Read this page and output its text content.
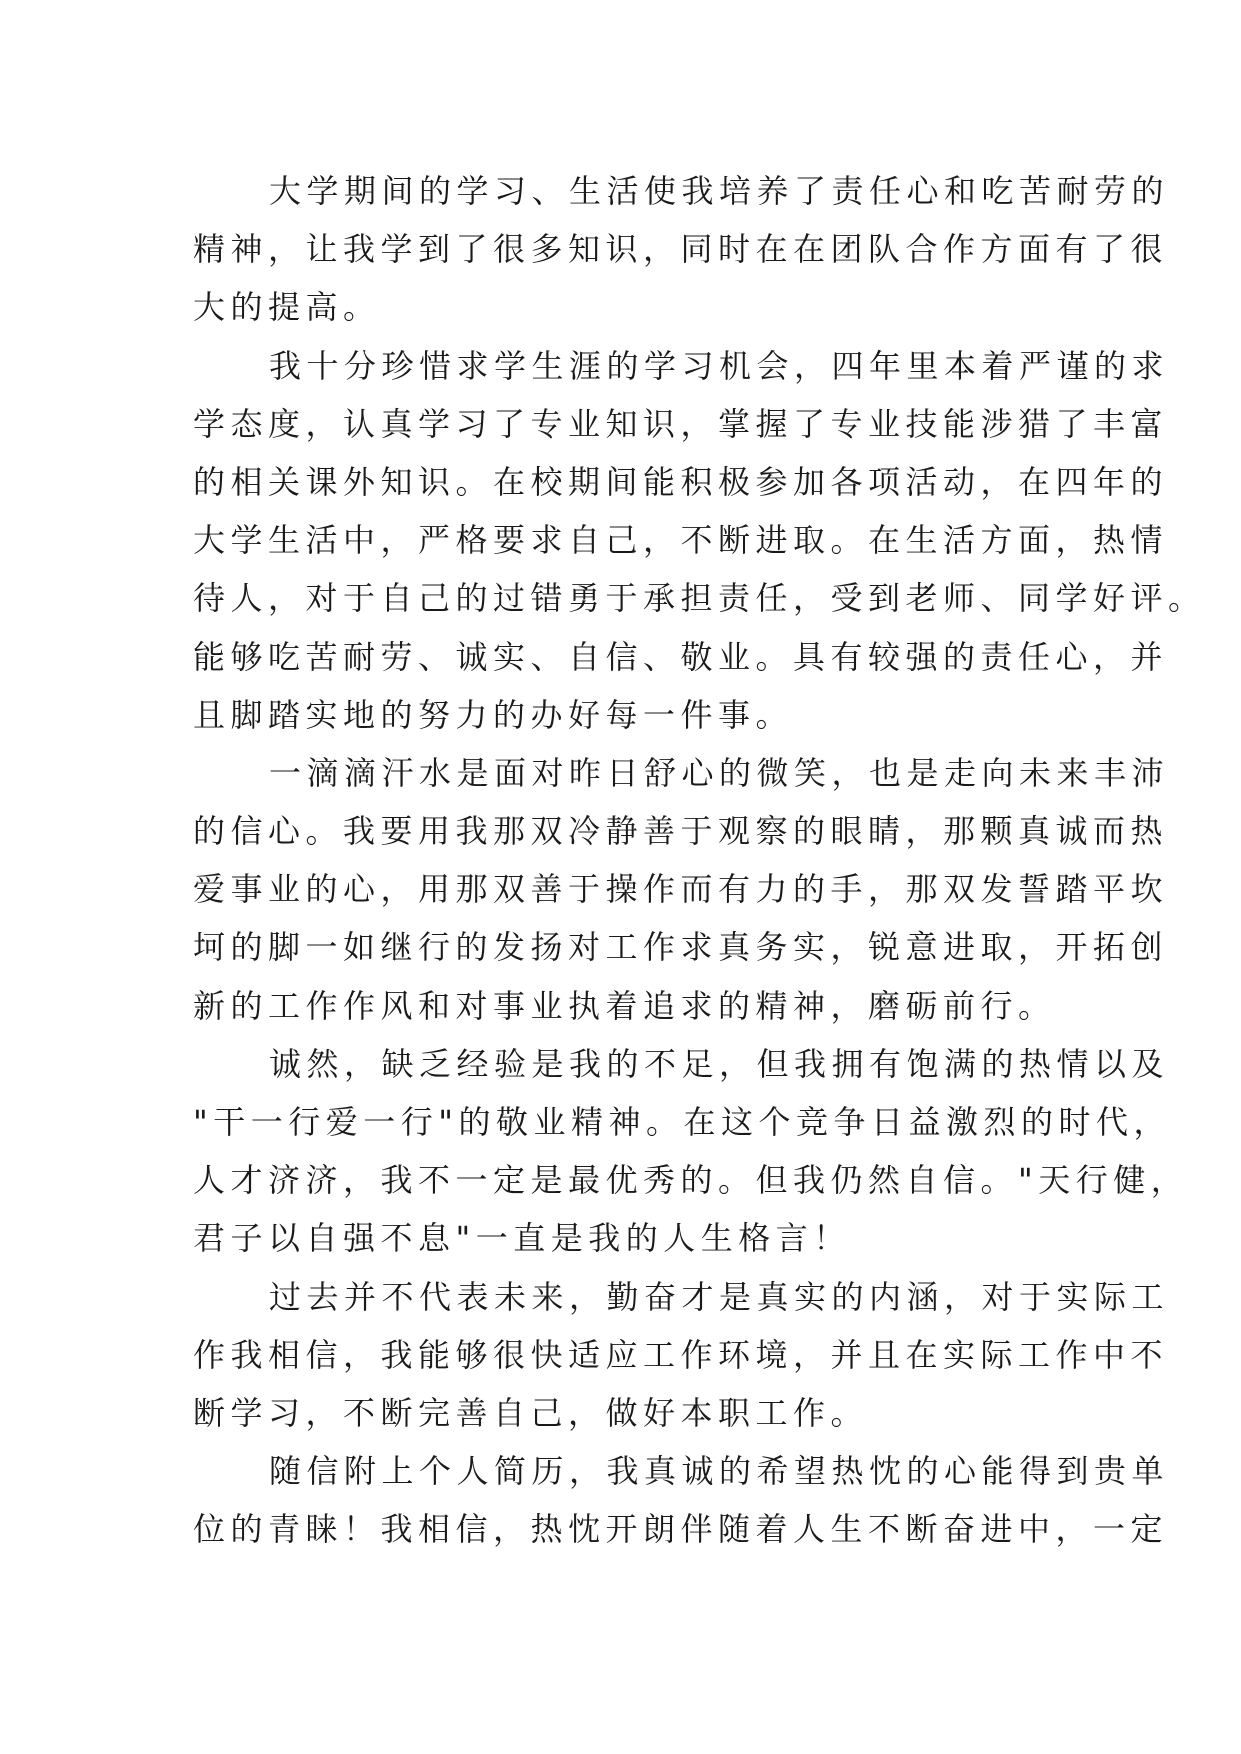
大学期间的学习、生活使我培养了责任心和吃苦耐劳的
精神，让我学到了很多知识，同时在在团队合作方面有了很
大的提高。
我十分珍惜求学生涯的学习机会，四年里本着严谨的求
学态度，认真学习了专业知识，掌握了专业技能涉猎了丰富
的相关课外知识。在校期间能积极参加各项活动，在四年的
大学生活中，严格要求自己，不断进取。在生活方面，热情
待人，对于自己的过错勇于承担责任，受到老师、同学好评。
能够吃苦耐劳、诚实、自信、敬业。具有较强的责任心，并
且脚踏实地的努力的办好每一件事。
一滴滴汗水是面对昨日舒心的微笑，也是走向未来丰沛
的信心。我要用我那双冷静善于观察的眼睛，那颗真诚而热
爱事业的心，用那双善于操作而有力的手，那双发誓踏平坎
坷的脚一如继行的发扬对工作求真务实，锐意进取，开拓创
新的工作作风和对事业执着追求的精神，磨砺前行。
诚然，缺乏经验是我的不足，但我拥有饱满的热情以及
"干一行爱一行"的敬业精神。在这个竞争日益激烈的时代，
人才济济，我不一定是最优秀的。但我仍然自信。"天行健，
君子以自强不息"一直是我的人生格言！
过去并不代表未来，勤奋才是真实的内涵，对于实际工
作我相信，我能够很快适应工作环境，并且在实际工作中不
断学习，不断完善自己，做好本职工作。
随信附上个人简历，我真诚的希望热忱的心能得到贵单
位的青睐！我相信，热忱开朗伴随着人生不断奋进中，一定
